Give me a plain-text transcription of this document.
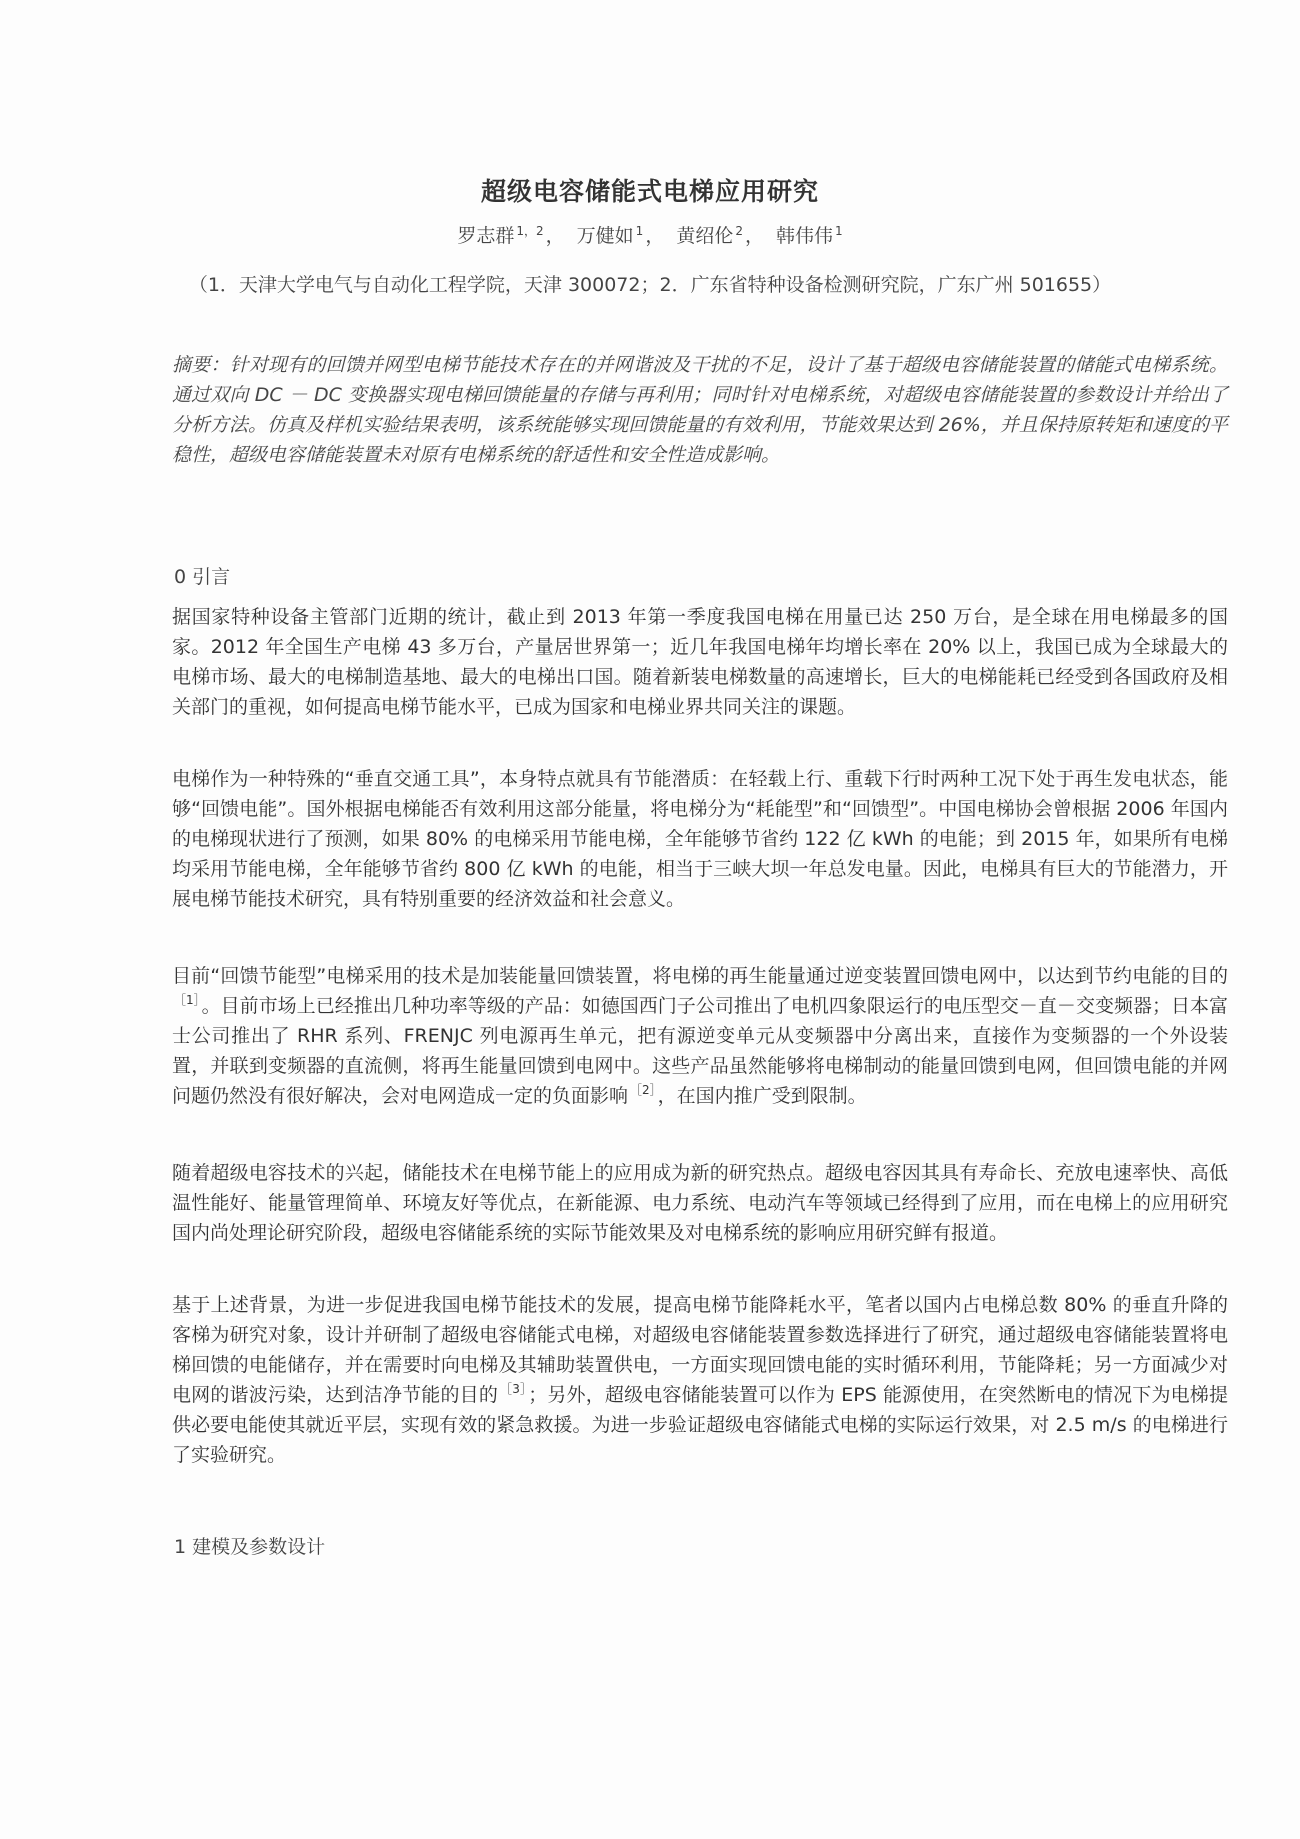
超级电容储能式电梯应用研究
罗志群 $^{1,2}$ ， 万健如 $^1$ ， 黄绍伦 $^2$ ， 韩伟伟 $^1$
（1．天津大学电气与自动化工程学院，天津 300072；2．广东省特种设备检测研究院，广东广州 501655）
摘要：针对现有的回馈并网型电梯节能技术存在的并网谐波及干扰的不足，设计了基于超级电容储能装置的储能式电梯系统。通过双向 DC － DC 变换器实现电梯回馈能量的存储与再利用；同时针对电梯系统，对超级电容储能装置的参数设计并给出了分析方法。仿真及样机实验结果表明，该系统能够实现回馈能量的有效利用，节能效果达到 26%，并且保持原转矩和速度的平稳性，超级电容储能装置未对原有电梯系统的舒适性和安全性造成影响。
0 引言
据国家特种设备主管部门近期的统计，截止到 2013 年第一季度我国电梯在用量已达 250 万台，是全球在用电梯最多的国家。2012 年全国生产电梯 43 多万台，产量居世界第一；近几年我国电梯年均增长率在 20% 以上，我国已成为全球最大的电梯市场、最大的电梯制造基地、最大的电梯出口国。随着新装电梯数量的高速增长，巨大的电梯能耗已经受到各国政府及相关部门的重视，如何提高电梯节能水平，已成为国家和电梯业界共同关注的课题。
电梯作为一种特殊的“垂直交通工具”，本身特点就具有节能潜质：在轻载上行、重载下行时两种工况下处于再生发电状态，能够“回馈电能”。国外根据电梯能否有效利用这部分能量，将电梯分为“耗能型”和“回馈型”。中国电梯协会曾根据 2006 年国内的电梯现状进行了预测，如果 80% 的电梯采用节能电梯，全年能够节省约 122 亿 kWh 的电能；到 2015 年，如果所有电梯均采用节能电梯，全年能够节省约 800 亿 kWh 的电能，相当于三峡大坝一年总发电量。因此，电梯具有巨大的节能潜力，开展电梯节能技术研究，具有特别重要的经济效益和社会意义。
目前“回馈节能型”电梯采用的技术是加装能量回馈装置，将电梯的再生能量通过逆变装置回馈电网中，以达到节约电能的目的$^{[1]}$ 。目前市场上已经推出几种功率等级的产品：如德国西门子公司推出了电机四象限运行的电压型交－直－交变频器；日本富士公司推出了 RHR 系列、FRENJC 列电源再生单元，把有源逆变单元从变频器中分离出来，直接作为变频器的一个外设装置，并联到变频器的直流侧，将再生能量回馈到电网中。这些产品虽然能够将电梯制动的能量回馈到电网，但回馈电能的并网问题仍然没有很好解决，会对电网造成一定的负面影响 $^{[2]}$ ，在国内推广受到限制。
随着超级电容技术的兴起，储能技术在电梯节能上的应用成为新的研究热点。超级电容因其具有寿命长、充放电速率快、高低温性能好、能量管理简单、环境友好等优点，在新能源、电力系统、电动汽车等领域已经得到了应用，而在电梯上的应用研究国内尚处理论研究阶段，超级电容储能系统的实际节能效果及对电梯系统的影响应用研究鲜有报道。
基于上述背景，为进一步促进我国电梯节能技术的发展，提高电梯节能降耗水平，笔者以国内占电梯总数 80% 的垂直升降的客梯为研究对象，设计并研制了超级电容储能式电梯，对超级电容储能装置参数选择进行了研究，通过超级电容储能装置将电梯回馈的电能储存，并在需要时向电梯及其辅助装置供电，一方面实现回馈电能的实时循环利用，节能降耗；另一方面减少对电网的谐波污染，达到洁净节能的目的 $^{[3]}$ ；另外，超级电容储能装置可以作为 EPS 能源使用，在突然断电的情况下为电梯提供必要电能使其就近平层，实现有效的紧急救援。为进一步验证超级电容储能式电梯的实际运行效果，对 2.5 m/s 的电梯进行了实验研究。
1 建模及参数设计
